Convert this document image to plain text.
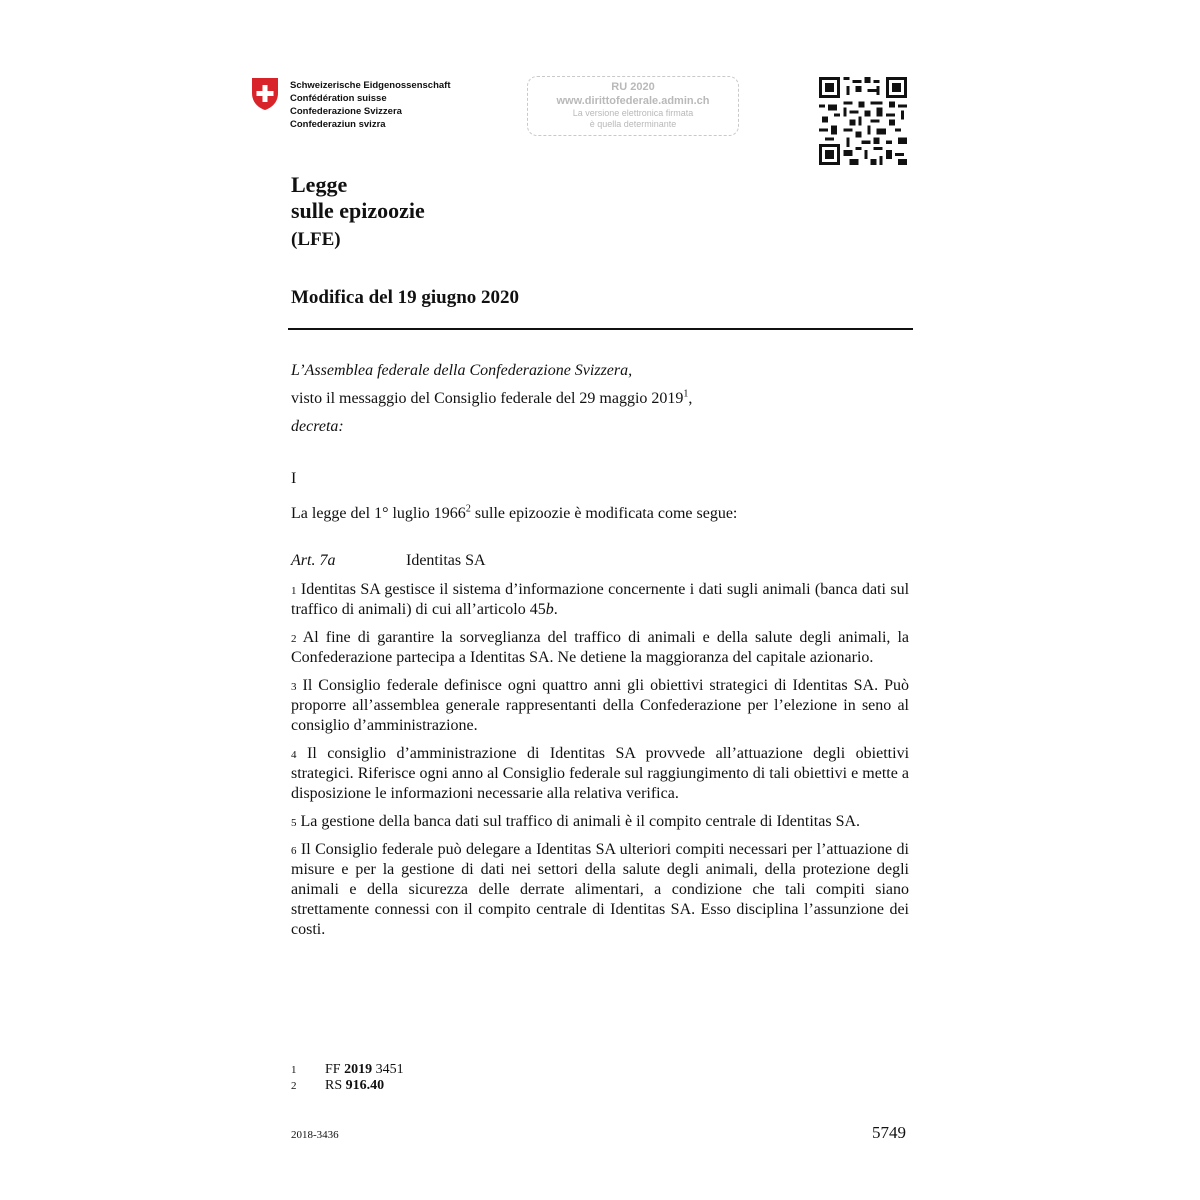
Schweizerische Eidgenossenschaft
Confédération suisse
Confederazione Svizzera
Confederaziun svizra
RU 2020
www.dirittofederale.admin.ch
La versione elettronica firmata
è quella determinante
Legge
sulle epizoozie
(LFE)
Modifica del 19 giugno 2020
L’Assemblea federale della Confederazione Svizzera,
visto il messaggio del Consiglio federale del 29 maggio 2019$^1$,
decreta:
I
La legge del 1° luglio 1966$^2$ sulle epizoozie è modificata come segue:
Art. 7a	Identitas SA

$^1$ Identitas SA gestisce il sistema d’informazione concernente i dati sugli animali (banca dati sul traffico di animali) di cui all’articolo 45b.

$^2$ Al fine di garantire la sorveglianza del traffico di animali e della salute degli animali, la Confederazione partecipa a Identitas SA. Ne detiene la maggioranza del capitale azionario.

$^3$ Il Consiglio federale definisce ogni quattro anni gli obiettivi strategici di Identitas SA. Può proporre all’assemblea generale rappresentanti della Confederazione per l’elezione in seno al consiglio d’amministrazione.

$^4$ Il consiglio d’amministrazione di Identitas SA provvede all’attuazione degli obiettivi strategici. Riferisce ogni anno al Consiglio federale sul raggiungimento di tali obiettivi e mette a disposizione le informazioni necessarie alla relativa verifica.

$^5$ La gestione della banca dati sul traffico di animali è il compito centrale di Identitas SA.

$^6$ Il Consiglio federale può delegare a Identitas SA ulteriori compiti necessari per l’attuazione di misure e per la gestione di dati nei settori della salute degli animali, della protezione degli animali e della sicurezza delle derrate alimentari, a condizione che tali compiti siano strettamente connessi con il compito centrale di Identitas SA. Esso disciplina l’assunzione dei costi.

1	FF 2019 3451
2	RS 916.40
2018-3436	5749
